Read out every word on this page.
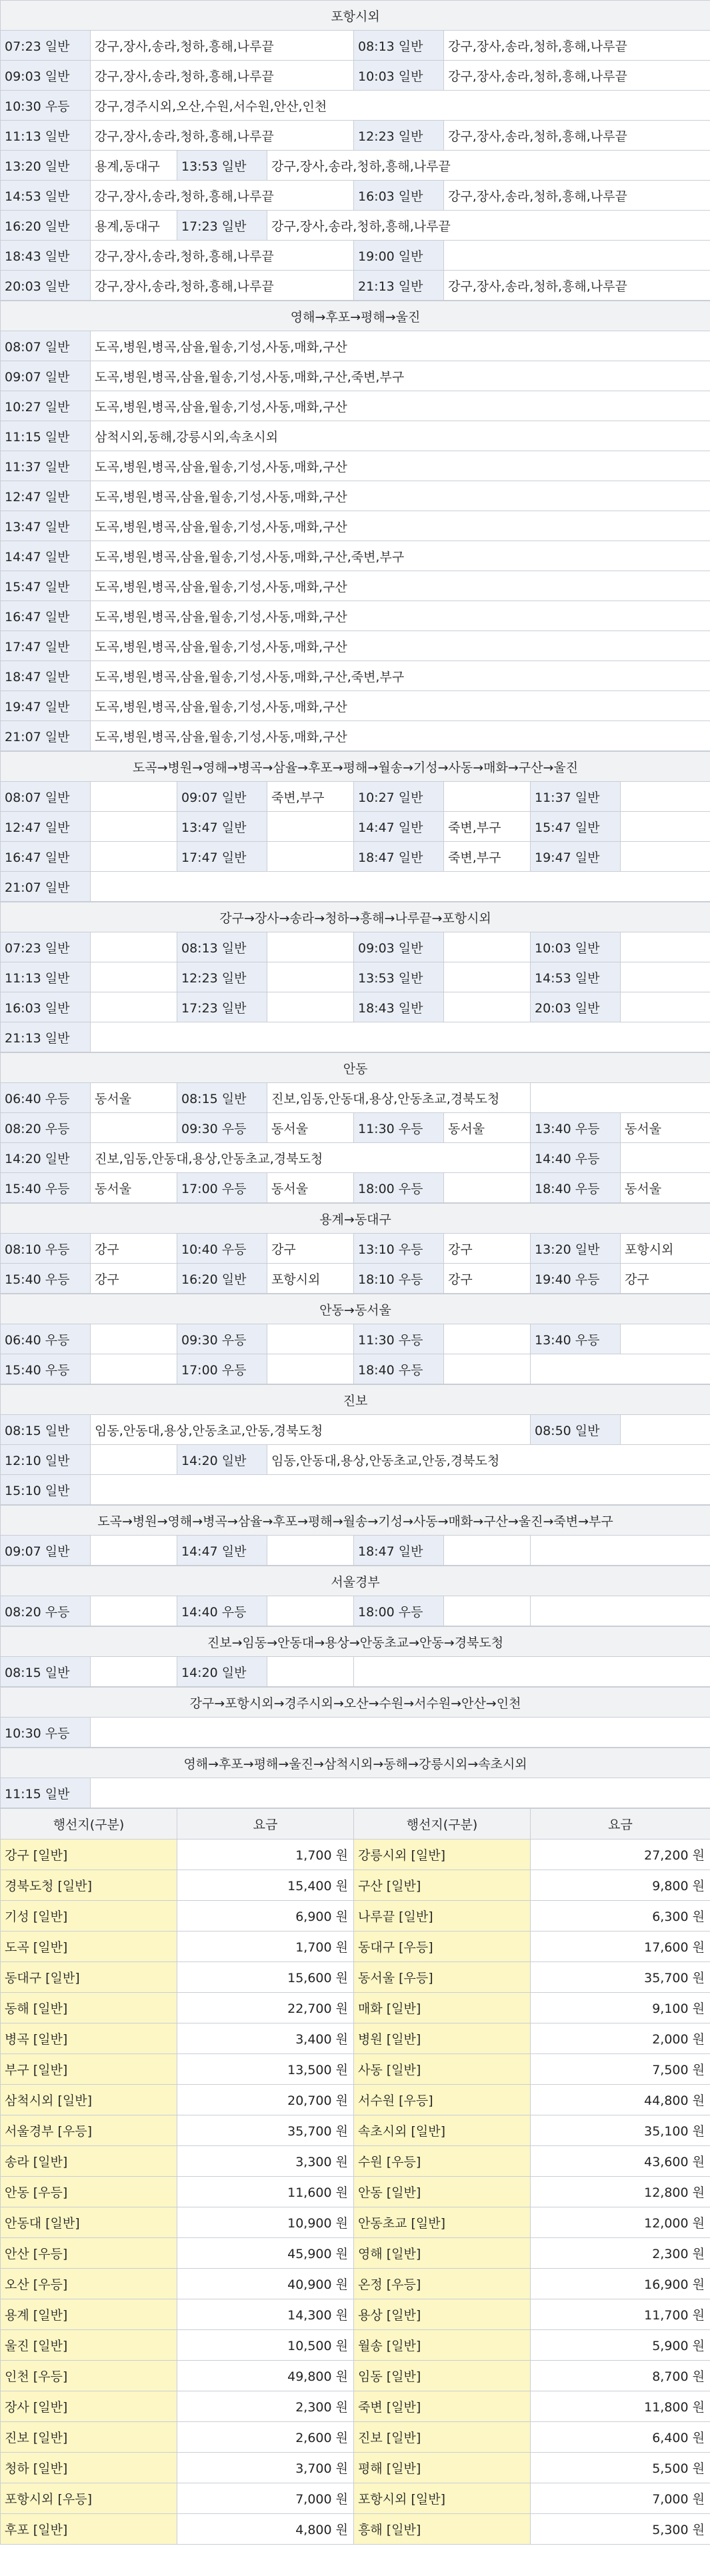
포항시외					
07:23 일반	강구,장사,송라,청하,흥해,나루끝			08:13 일반	강구,장사,송라,청하,흥해,나루끝
09:03 일반	강구,장사,송라,청하,흥해,나루끝			10:03 일반	강구,장사,송라,청하,흥해,나루끝
10:30 우등	강구,경주시외,오산,수원,서수원,안산,인천				
11:13 일반	강구,장사,송라,청하,흥해,나루끝			12:23 일반	강구,장사,송라,청하,흥해,나루끝
13:20 일반	용계,동대구	13:53 일반	강구,장사,송라,청하,흥해,나루끝		
14:53 일반	강구,장사,송라,청하,흥해,나루끝			16:03 일반	강구,장사,송라,청하,흥해,나루끝
16:20 일반	용계,동대구	17:23 일반	강구,장사,송라,청하,흥해,나루끝		
18:43 일반	강구,장사,송라,청하,흥해,나루끝			19:00 일반	
20:03 일반	강구,장사,송라,청하,흥해,나루끝			21:13 일반	강구,장사,송라,청하,흥해,나루끝
영해→후포→평해→울진	
08:07 일반	도곡,병원,병곡,삼율,월송,기성,사동,매화,구산
09:07 일반	도곡,병원,병곡,삼율,월송,기성,사동,매화,구산,죽변,부구
10:27 일반	도곡,병원,병곡,삼율,월송,기성,사동,매화,구산
11:15 일반	삼척시외,동해,강릉시외,속초시외
11:37 일반	도곡,병원,병곡,삼율,월송,기성,사동,매화,구산
12:47 일반	도곡,병원,병곡,삼율,월송,기성,사동,매화,구산
13:47 일반	도곡,병원,병곡,삼율,월송,기성,사동,매화,구산
14:47 일반	도곡,병원,병곡,삼율,월송,기성,사동,매화,구산,죽변,부구
15:47 일반	도곡,병원,병곡,삼율,월송,기성,사동,매화,구산
16:47 일반	도곡,병원,병곡,삼율,월송,기성,사동,매화,구산
17:47 일반	도곡,병원,병곡,삼율,월송,기성,사동,매화,구산
18:47 일반	도곡,병원,병곡,삼율,월송,기성,사동,매화,구산,죽변,부구
19:47 일반	도곡,병원,병곡,삼율,월송,기성,사동,매화,구산
21:07 일반	도곡,병원,병곡,삼율,월송,기성,사동,매화,구산
도곡→병원→영해→병곡→삼율→후포→평해→월송→기성→사동→매화→구산→울진							
08:07 일반		09:07 일반	죽변,부구	10:27 일반		11:37 일반	
12:47 일반		13:47 일반		14:47 일반	죽변,부구	15:47 일반	
16:47 일반		17:47 일반		18:47 일반	죽변,부구	19:47 일반	
21:07 일반							
강구→장사→송라→청하→흥해→나루끝→포항시외							
07:23 일반		08:13 일반		09:03 일반		10:03 일반	
11:13 일반		12:23 일반		13:53 일반		14:53 일반	
16:03 일반		17:23 일반		18:43 일반		20:03 일반	
21:13 일반							
안동							
06:40 우등	동서울	08:15 일반	진보,임동,안동대,용상,안동초교,경북도청				
08:20 우등		09:30 우등	동서울	11:30 우등	동서울	13:40 우등	동서울
14:20 일반	진보,임동,안동대,용상,안동초교,경북도청					14:40 우등	
15:40 우등	동서울	17:00 우등	동서울	18:00 우등		18:40 우등	동서울
용계→동대구							
08:10 우등	강구	10:40 우등	강구	13:10 우등	강구	13:20 일반	포항시외
15:40 우등	강구	16:20 일반	포항시외	18:10 우등	강구	19:40 우등	강구
안동→동서울							
06:40 우등		09:30 우등		11:30 우등		13:40 우등	
15:40 우등		17:00 우등		18:40 우등			
진보					
08:15 일반	임동,안동대,용상,안동초교,안동,경북도청			08:50 일반	
12:10 일반		14:20 일반	임동,안동대,용상,안동초교,안동,경북도청		
15:10 일반					
도곡→병원→영해→병곡→삼율→후포→평해→월송→기성→사동→매화→구산→울진→죽변→부구
09:07 일반		14:47 일반		18:47 일반		
서울경부
08:20 우등		14:40 우등		18:00 우등		
진보→임동→안동대→용상→안동초교→안동→경북도청
08:15 일반		14:20 일반		
강구→포항시외→경주시외→오산→수원→서수원→안산→인천
10:30 우등	
영해→후포→평해→울진→삼척시외→동해→강릉시외→속초시외
11:15 일반	
행선지(구분)	요금	행선지(구분)	요금
강구 [일반]	1,700 원	강릉시외 [일반]	27,200 원
경북도청 [일반]	15,400 원	구산 [일반]	9,800 원
기성 [일반]	6,900 원	나루끝 [일반]	6,300 원
도곡 [일반]	1,700 원	동대구 [우등]	17,600 원
동대구 [일반]	15,600 원	동서울 [우등]	35,700 원
동해 [일반]	22,700 원	매화 [일반]	9,100 원
병곡 [일반]	3,400 원	병원 [일반]	2,000 원
부구 [일반]	13,500 원	사동 [일반]	7,500 원
삼척시외 [일반]	20,700 원	서수원 [우등]	44,800 원
서울경부 [우등]	35,700 원	속초시외 [일반]	35,100 원
송라 [일반]	3,300 원	수원 [우등]	43,600 원
안동 [우등]	11,600 원	안동 [일반]	12,800 원
안동대 [일반]	10,900 원	안동초교 [일반]	12,000 원
안산 [우등]	45,900 원	영해 [일반]	2,300 원
오산 [우등]	40,900 원	온정 [우등]	16,900 원
용계 [일반]	14,300 원	용상 [일반]	11,700 원
울진 [일반]	10,500 원	월송 [일반]	5,900 원
인천 [우등]	49,800 원	임동 [일반]	8,700 원
장사 [일반]	2,300 원	죽변 [일반]	11,800 원
진보 [일반]	2,600 원	진보 [일반]	6,400 원
청하 [일반]	3,700 원	평해 [일반]	5,500 원
포항시외 [우등]	7,000 원	포항시외 [일반]	7,000 원
후포 [일반]	4,800 원	흥해 [일반]	5,300 원
